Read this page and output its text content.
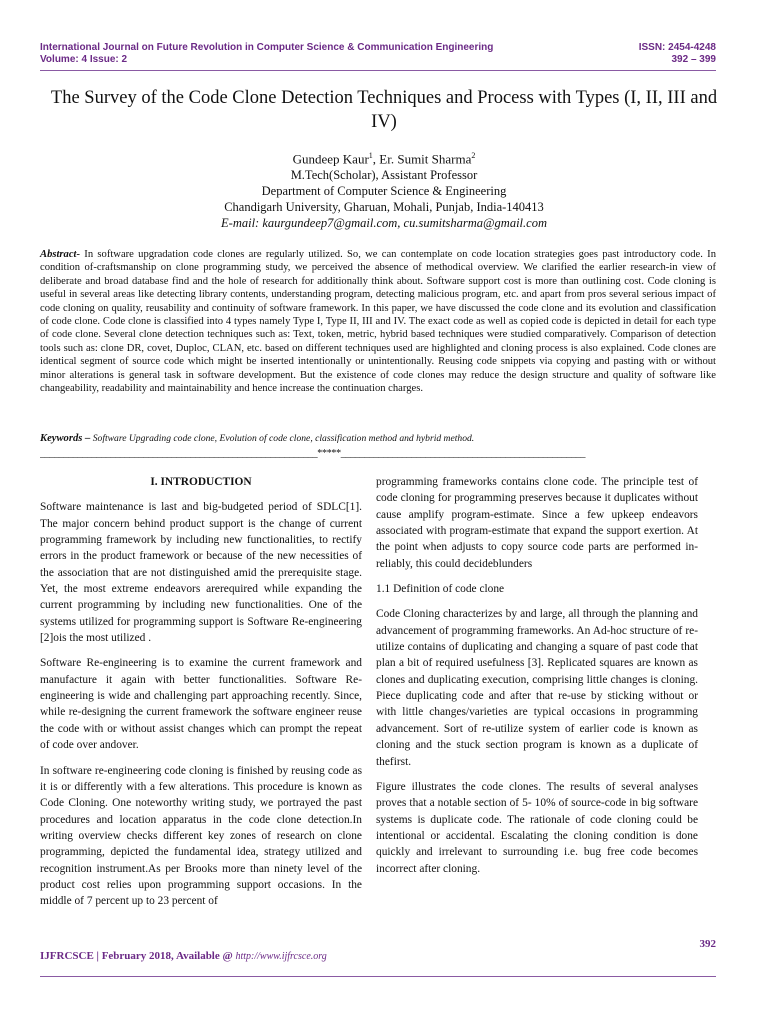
International Journal on Future Revolution in Computer Science & Communication Engineering
Volume: 4 Issue: 2
ISSN: 2454-4248
392 – 399
The Survey of the Code Clone Detection Techniques and Process with Types (I, II, III and IV)
Gundeep Kaur$^1$, Er. Sumit Sharma$^2$
M.Tech(Scholar), Assistant Professor
Department of Computer Science & Engineering
Chandigarh University, Gharuan, Mohali, Punjab, India-140413
E-mail: kaurgundeep7@gmail.com, cu.sumitsharma@gmail.com
Abstract- In software upgradation code clones are regularly utilized. So, we can contemplate on code location strategies goes past introductory code. In condition of-craftsmanship on clone programming study, we perceived the absence of methodical overview. We clarified the earlier research-in view of deliberate and broad database find and the hole of research for additionally think about. Software support cost is more than outlining cost. Code cloning is useful in several areas like detecting library contents, understanding program, detecting malicious program, etc. and apart from pros several serious impact of code cloning on quality, reusability and continuity of software framework. In this paper, we have discussed the code clone and its evolution and classification of code clone. Code clone is classified into 4 types namely Type I, Type II, III and IV. The exact code as well as copied code is depicted in detail for each type of code clone. Several clone detection techniques such as: Text, token, metric, hybrid based techniques were studied comparatively. Comparison of detection tools such as: clone DR, covet, Duploc, CLAN, etc. based on different techniques used are highlighted and cloning process is also explained. Code clones are identical segment of source code which might be inserted intentionally or unintentionally. Reusing code snippets via copying and pasting with or without minor alterations is general task in software development. But the existence of code clones may reduce the design structure and quality of software like changeability, readability and maintainability and hence increase the continuation charges.
Keywords – Software Upgrading code clone, Evolution of code clone, classification method and hybrid method.
___________________________________________________________*****____________________________________________________
I. INTRODUCTION

Software maintenance is last and big-budgeted period of SDLC[1]. The major concern behind product support is the change of current programming framework by including new functionalities, to rectify errors in the product framework or because of the new necessities of the association that are not distinguished amid the prerequisite stage. Yet, the most extreme endeavors arerequired while expanding the current programming by including new functionalities. One of the systems utilized for programming support is Software Re-engineering [2]ois the most utilized .

Software Re-engineering is to examine the current framework and manufacture it again with better functionalities. Software Re-engineering is wide and challenging part approaching recently. Since, while re-designing the current framework the software engineer reuse the code with or without assist changes which can prompt the repeat of code over andover.

In software re-engineering code cloning is finished by reusing code as it is or differently with a few alterations. This procedure is known as Code Cloning. One noteworthy writing study, we portrayed the past procedures and location apparatus in the code clone detection.In writing overview checks different key zones of research on clone programming, depicted the fundamental idea, strategy utilized and recognition instrument.As per Brooks more than ninety level of the product cost relies upon programming support occasions. In the middle of 7 percent up to 23 percent of

programming frameworks contains clone code. The principle test of code cloning for programming preserves because it duplicates without cause amplify program-estimate. Since a few upkeep endeavors associated with program-estimate that expand the support exertion. At the point when adjusts to copy source code parts are performed in- reliably, this could decideblunders

1.1 Definition of code clone

Code Cloning characterizes by and large, all through the planning and advancement of programming frameworks. An Ad-hoc structure of re-utilize contains of duplicating and changing a square of past code that plan a bit of required usefulness [3]. Replicated squares are known as clones and duplicating execution, comprising little changes is cloning. Piece duplicating code and after that re-use by sticking without or with little changes/varieties are typical occasions in programming advancement. Sort of re-utilize system of earlier code is known as cloning and the stuck section program is known as a duplicate of thefirst.

Figure illustrates the code clones. The results of several analyses proves that a notable section of 5- 10% of source-code in big software systems is duplicate code. The rationale of code cloning could be intentional or accidental. Escalating the cloning condition is done quickly and irrelevant to surrounding i.e. bug free code becomes incorrect after cloning.

392
IJFRCSCE | February 2018, Available @ http://www.ijfrcsce.org
